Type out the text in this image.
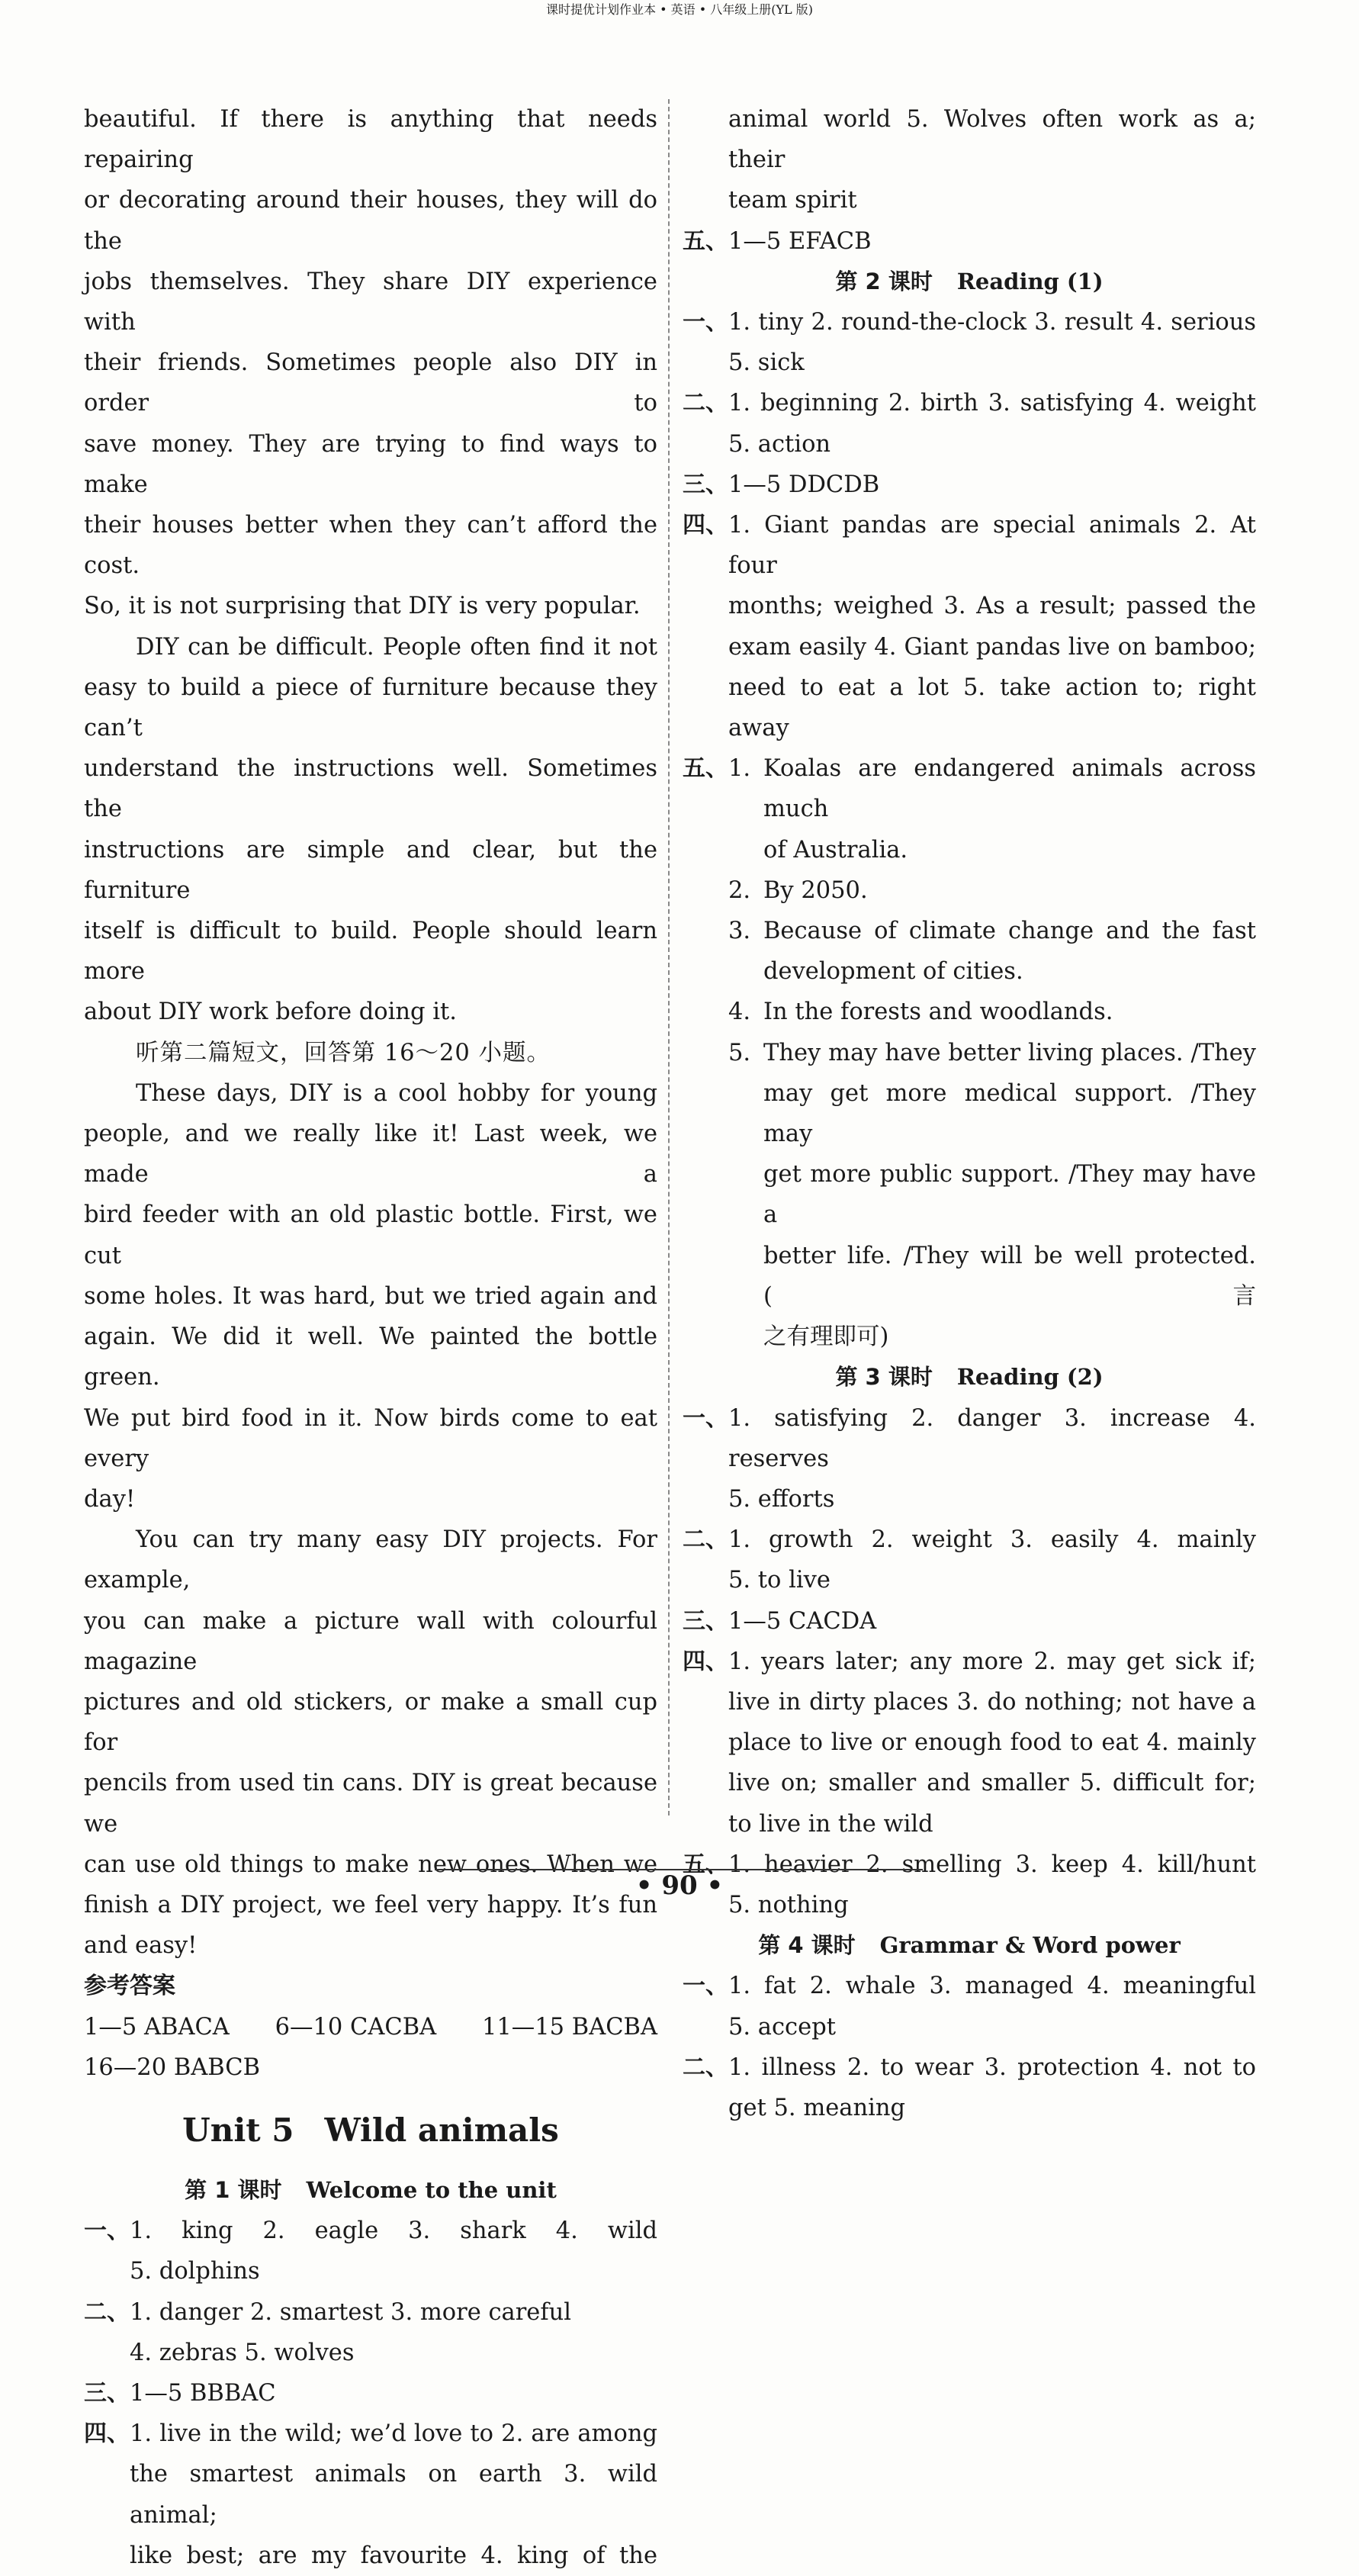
beautiful. If there is anything that needs repairing
or decorating around their houses, they will do the
jobs themselves. They share DIY experience with
their friends. Sometimes people also DIY in order to
save money. They are trying to find ways to make
their houses better when they can’t afford the cost.
So, it is not surprising that DIY is very popular.
DIY can be difficult. People often find it not
easy to build a piece of furniture because they can’t
understand the instructions well. Sometimes the
instructions are simple and clear, but the furniture
itself is difficult to build. People should learn more
about DIY work before doing it.
听第二篇短文，回答第 16～20 小题。
These days, DIY is a cool hobby for young
people, and we really like it! Last week, we made a
bird feeder with an old plastic bottle. First, we cut
some holes. It was hard, but we tried again and
again. We did it well. We painted the bottle green.
We put bird food in it. Now birds come to eat every
day!
You can try many easy DIY projects. For example,
you can make a picture wall with colourful magazine
pictures and old stickers, or make a small cup for
pencils from used tin cans. DIY is great because we
can use old things to make new ones. When we
finish a DIY project, we feel very happy. It’s fun
and easy!
参考答案
1—5 ABACA 6—10 CACBA 11—15 BACBA
16—20 BABCB
Unit 5 Wild animals
第 1 课时 Welcome to the unit
一、 1. king 2. eagle 3. shark 4. wild
5. dolphins
二、 1. danger 2. smartest 3. more careful
4. zebras 5. wolves
三、 1—5 BBBAC
四、 1. live in the wild; we’d love to 2. are among
the smartest animals on earth 3. wild animal;
like best; are my favourite 4. king of the
animal world 5. Wolves often work as a; their
team spirit
五、 1—5 EFACB
第 2 课时 Reading (1)
一、 1. tiny 2. round-the-clock 3. result 4. serious
5. sick
二、 1. beginning 2. birth 3. satisfying 4. weight
5. action
三、 1—5 DDCDB
四、 1. Giant pandas are special animals 2. At four
months; weighed 3. As a result; passed the
exam easily 4. Giant pandas live on bamboo;
need to eat a lot 5. take action to; right away
五、 1. Koalas are endangered animals across much
of Australia.
2. By 2050.
3. Because of climate change and the fast
development of cities.
4. In the forests and woodlands.
5. They may have better living places. /They
may get more medical support. /They may
get more public support. /They may have a
better life. /They will be well protected. (言
之有理即可)
第 3 课时 Reading (2)
一、 1. satisfying 2. danger 3. increase 4. reserves
5. efforts
二、 1. growth 2. weight 3. easily 4. mainly
5. to live
三、 1—5 CACDA
四、 1. years later; any more 2. may get sick if;
live in dirty places 3. do nothing; not have a
place to live or enough food to eat 4. mainly
live on; smaller and smaller 5. difficult for;
to live in the wild
五、 1. heavier 2. smelling 3. keep 4. kill/hunt
5. nothing
第 4 课时 Grammar & Word power
一、 1. fat 2. whale 3. managed 4. meaningful
5. accept
二、 1. illness 2. to wear 3. protection 4. not to
get 5. meaning
课时提优计划作业本 • 英语 • 八年级上册(YL 版)
• 90 •
